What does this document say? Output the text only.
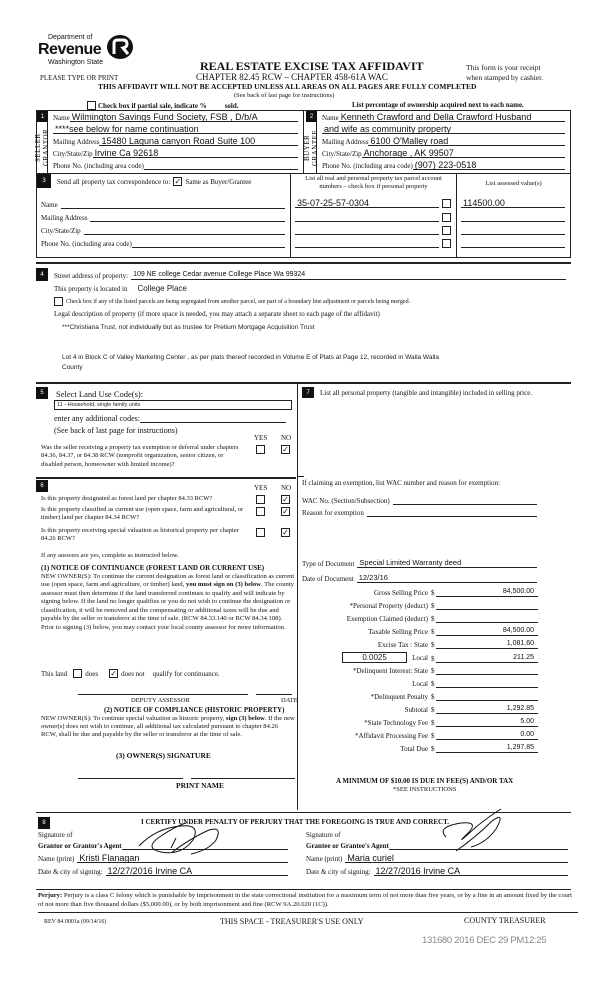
Department of
Revenue
Washington State	REAL ESTATE EXCISE TAX AFFIDAVIT
CHAPTER 82.45 RCW – CHAPTER 458-61A WAC
PLEASE TYPE OR PRINT
This form is your receipt
when stamped by cashier.
THIS AFFIDAVIT WILL NOT BE ACCEPTED UNLESS ALL AREAS ON ALL PAGES ARE FULLY COMPLETED
(See back of last page for instructions)
Check box if partial sale, indicate %	sold.	List percentage of ownership acquired next to each name.
1
SELLER GRANTOR
Name Wilmington Savings Fund Society, FSB , D/b/A
****see below for name continuation
Mailing Address 15480 Laguna canyon Road Suite 100
City/State/Zip Irvine Ca 92618
Phone No. (including area code)
2
BUYER GRANTEE
Name Kenneth Crawford and Della Crawford Husband
and wife as community property
Mailing Address 6100 O'Malley road
City/State/Zip Anchorage , AK 99507
Phone No. (including area code) (907) 223-0518
3	Send all property tax correspondence to: ✓ Same as Buyer/Grantee
Name
Mailing Address
City/State/Zip
Phone No. (including area code)
List all real and personal property tax parcel account numbers – check box if personal property
35-07-25-57-0304
List assessed value(s)
114500.00
4	Street address of property: 109 NE college Cedar avenue College Place Wa 99324
This property is located in College Place
Check box if any of the listed parcels are being segregated from another parcel, are part of a boundary line adjustment or parcels being merged.
Legal description of property (if more space is needed, you may attach a separate sheet to each page of the affidavit)
***Christiana Trust, not individually but as trustee for Pretium Mortgage Acquisition Trust
Lot 4 in Block C of Valley Marketing Center , as per plats thereof recorded in Volume E of Plats at Page 12, recorded in Walla Walla
County
5	Select Land Use Code(s):
11 - Household, single family units
enter any additional codes:
(See back of last page for instructions)
YES NO
Was the seller receiving a property tax exemption or deferral under chapters 84.36, 84.37, or 84.38 RCW (nonprofit organization, senior citizen, or disabled person, homeowner with limited income)?
✓
6	YES NO
Is this property designated as forest land per chapter 84.33 RCW?	✓
Is this property classified as current use (open space, farm and agricultural, or timber) land per chapter 84.34 RCW?
✓
Is this property receiving special valuation as historical property per chapter 84.26 RCW?
✓
If any answers are yes, complete as instructed below.
(1) NOTICE OF CONTINUANCE (FOREST LAND OR CURRENT USE)
NEW OWNER(S): To continue the current designation as forest land or classification as current use (open space, farm and agriculture, or timber) land, you must sign on (3) below. The county assessor must then determine if the land transferred continues to qualify and will indicate by signing below. If the land no longer qualifies or you do not wish to continue the designation or classification, it will be removed and the compensating or additional taxes will be due and payable by the seller or transferor at the time of sale. (RCW 84.33.140 or RCW 84.34.108). Prior to signing (3) below, you may contact your local county assessor for more information.
This land	does ✓ does not qualify for continuance.
DEPUTY ASSESSOR	DATE
(2) NOTICE OF COMPLIANCE (HISTORIC PROPERTY)
NEW OWNER(S): To continue special valuation as historic property, sign (3) below. If the new owner(s) does not wish to continue, all additional tax calculated pursuant to chapter 84.26 RCW, shall be due and payable by the seller or transferor at the time of sale.
(3) OWNER(S) SIGNATURE
PRINT NAME
7	List all personal property (tangible and intangible) included in selling price.
If claiming an exemption, list WAC number and reason for exemption:
WAC No. (Section/Subsection)
Reason for exemption
Type of Document Special Limited Warranty deed
Date of Document 12/23/16
Gross Selling Price $	84,500.00
*Personal Property (deduct) $
Exemption Claimed (deduct) $
Taxable Selling Price $	84,500.00
Excise Tax : State $	1,081.60
0.0025	Local $	211.25
*Delinquent Interest: State $
Local $
*Delinquent Penalty $
Subtotal $	1,292.85
*State Technology Fee $	5.00
*Affidavit Processing Fee $	0.00
Total Due $	1,297.85
A MINIMUM OF $10.00 IS DUE IN FEE(S) AND/OR TAX
*SEE INSTRUCTIONS
8	I CERTIFY UNDER PENALTY OF PERJURY THAT THE FOREGOING IS TRUE AND CORRECT.
Signature of
Grantor or Grantor's Agent
Name (print) Kristi Flanagan
Date & city of signing: 12/27/2016 Irvine CA
Signature of
Grantee or Grantee's Agent
Name (print) Maria curiel
Date & city of signing: 12/27/2016 Irvine CA
Perjury: Perjury is a class C felony which is punishable by imprisonment in the state correctional institution for a maximum term of not more than five years, or by a fine in an amount fixed by the court of not more than five thousand dollars ($5,000.00), or by both imprisonment and fine (RCW 9A.20.020 (1C)).
REV 84 0001a (09/14/16)	THIS SPACE - TREASURER'S USE ONLY	COUNTY TREASURER
131680 2016 DEC 29 PM12:25
